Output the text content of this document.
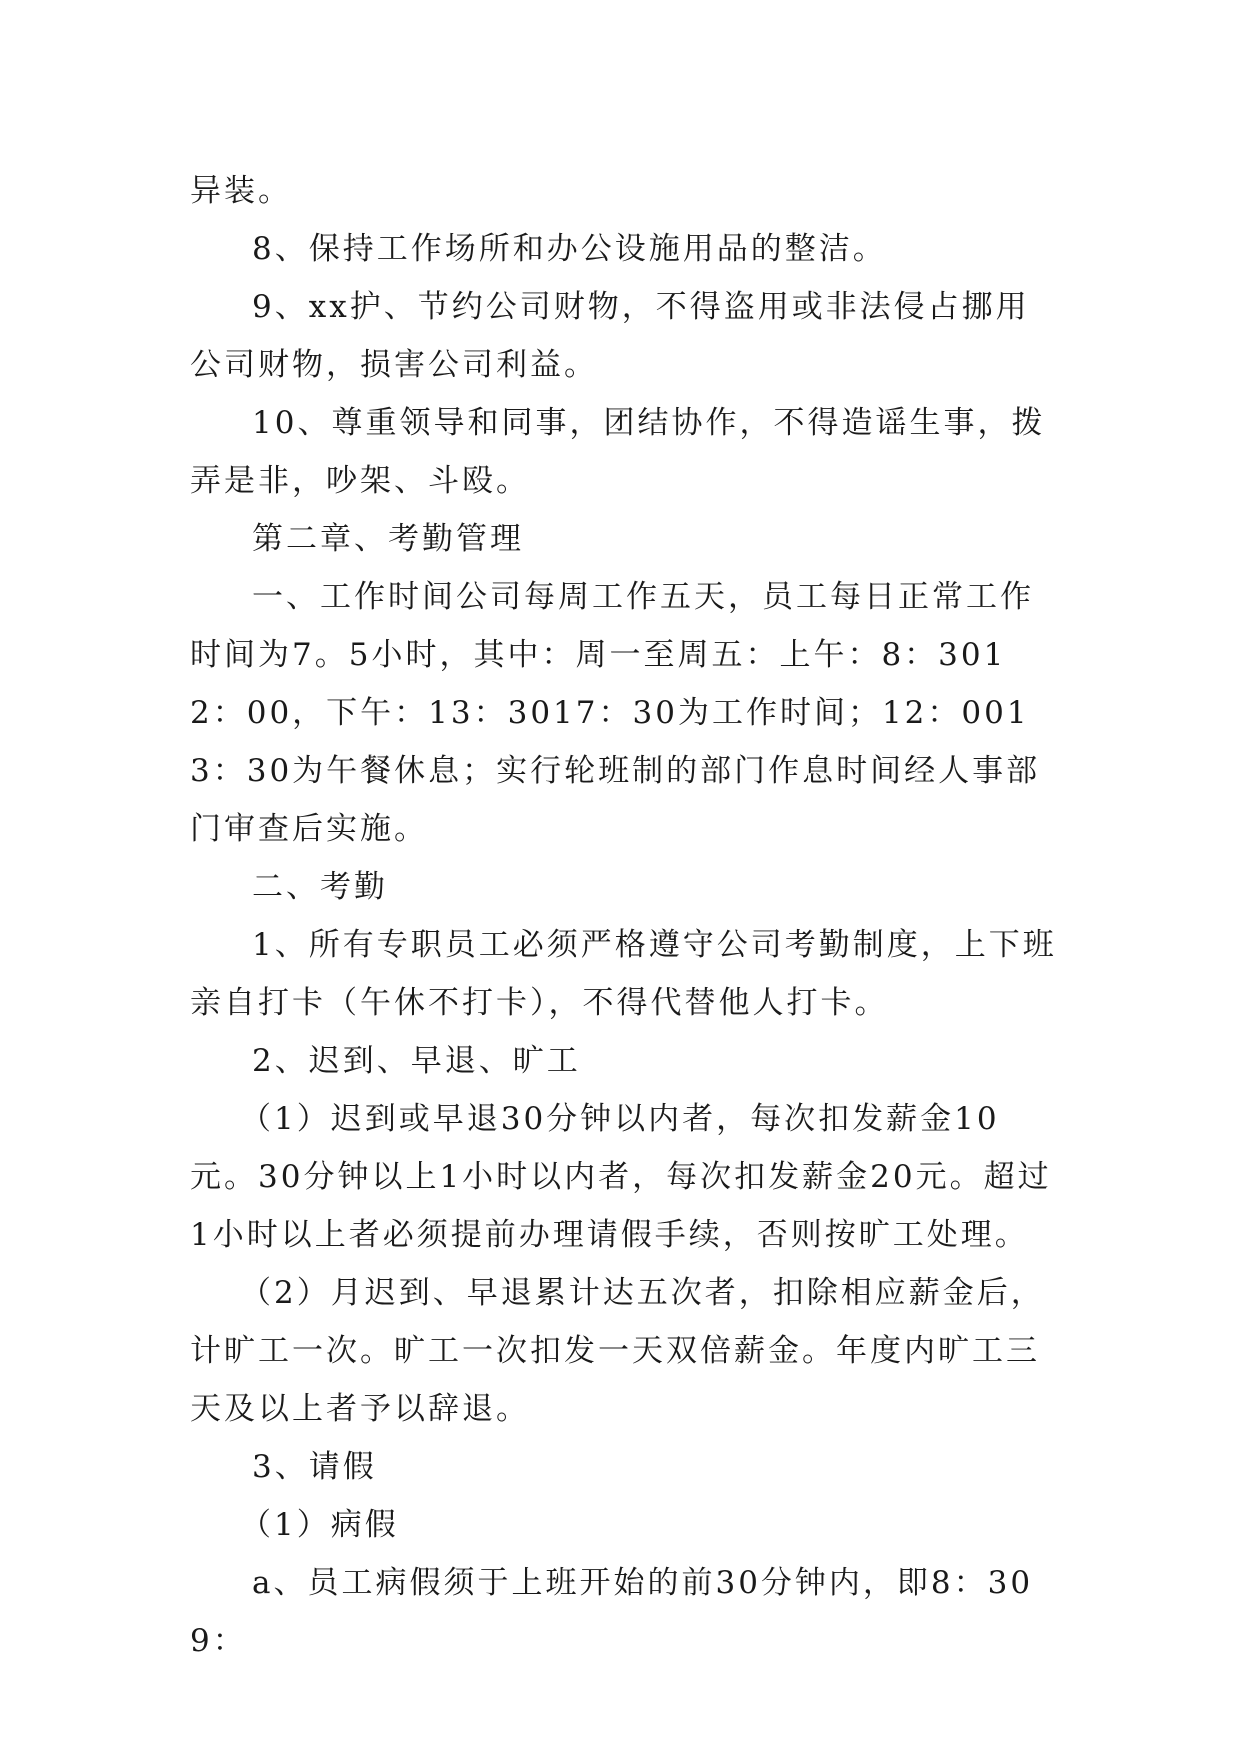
异装。

8、保持工作场所和办公设施用品的整洁。

9、xx护、节约公司财物，不得盗用或非法侵占挪用公司财物，损害公司利益。

10、尊重领导和同事，团结协作，不得造谣生事，拨弄是非，吵架、斗殴。

第二章、考勤管理

一、工作时间公司每周工作五天，员工每日正常工作时间为7。5小时，其中：周一至周五：上午：8：3012：00，下午：13：3017：30为工作时间；12：0013：30为午餐休息；实行轮班制的部门作息时间经人事部门审查后实施。

二、考勤

1、所有专职员工必须严格遵守公司考勤制度，上下班亲自打卡（午休不打卡），不得代替他人打卡。

2、迟到、早退、旷工

（1）迟到或早退30分钟以内者，每次扣发薪金10元。30分钟以上1小时以内者，每次扣发薪金20元。超过1小时以上者必须提前办理请假手续，否则按旷工处理。

（2）月迟到、早退累计达五次者，扣除相应薪金后，计旷工一次。旷工一次扣发一天双倍薪金。年度内旷工三天及以上者予以辞退。

3、请假

（1）病假

a、员工病假须于上班开始的前30分钟内，即8：309：
